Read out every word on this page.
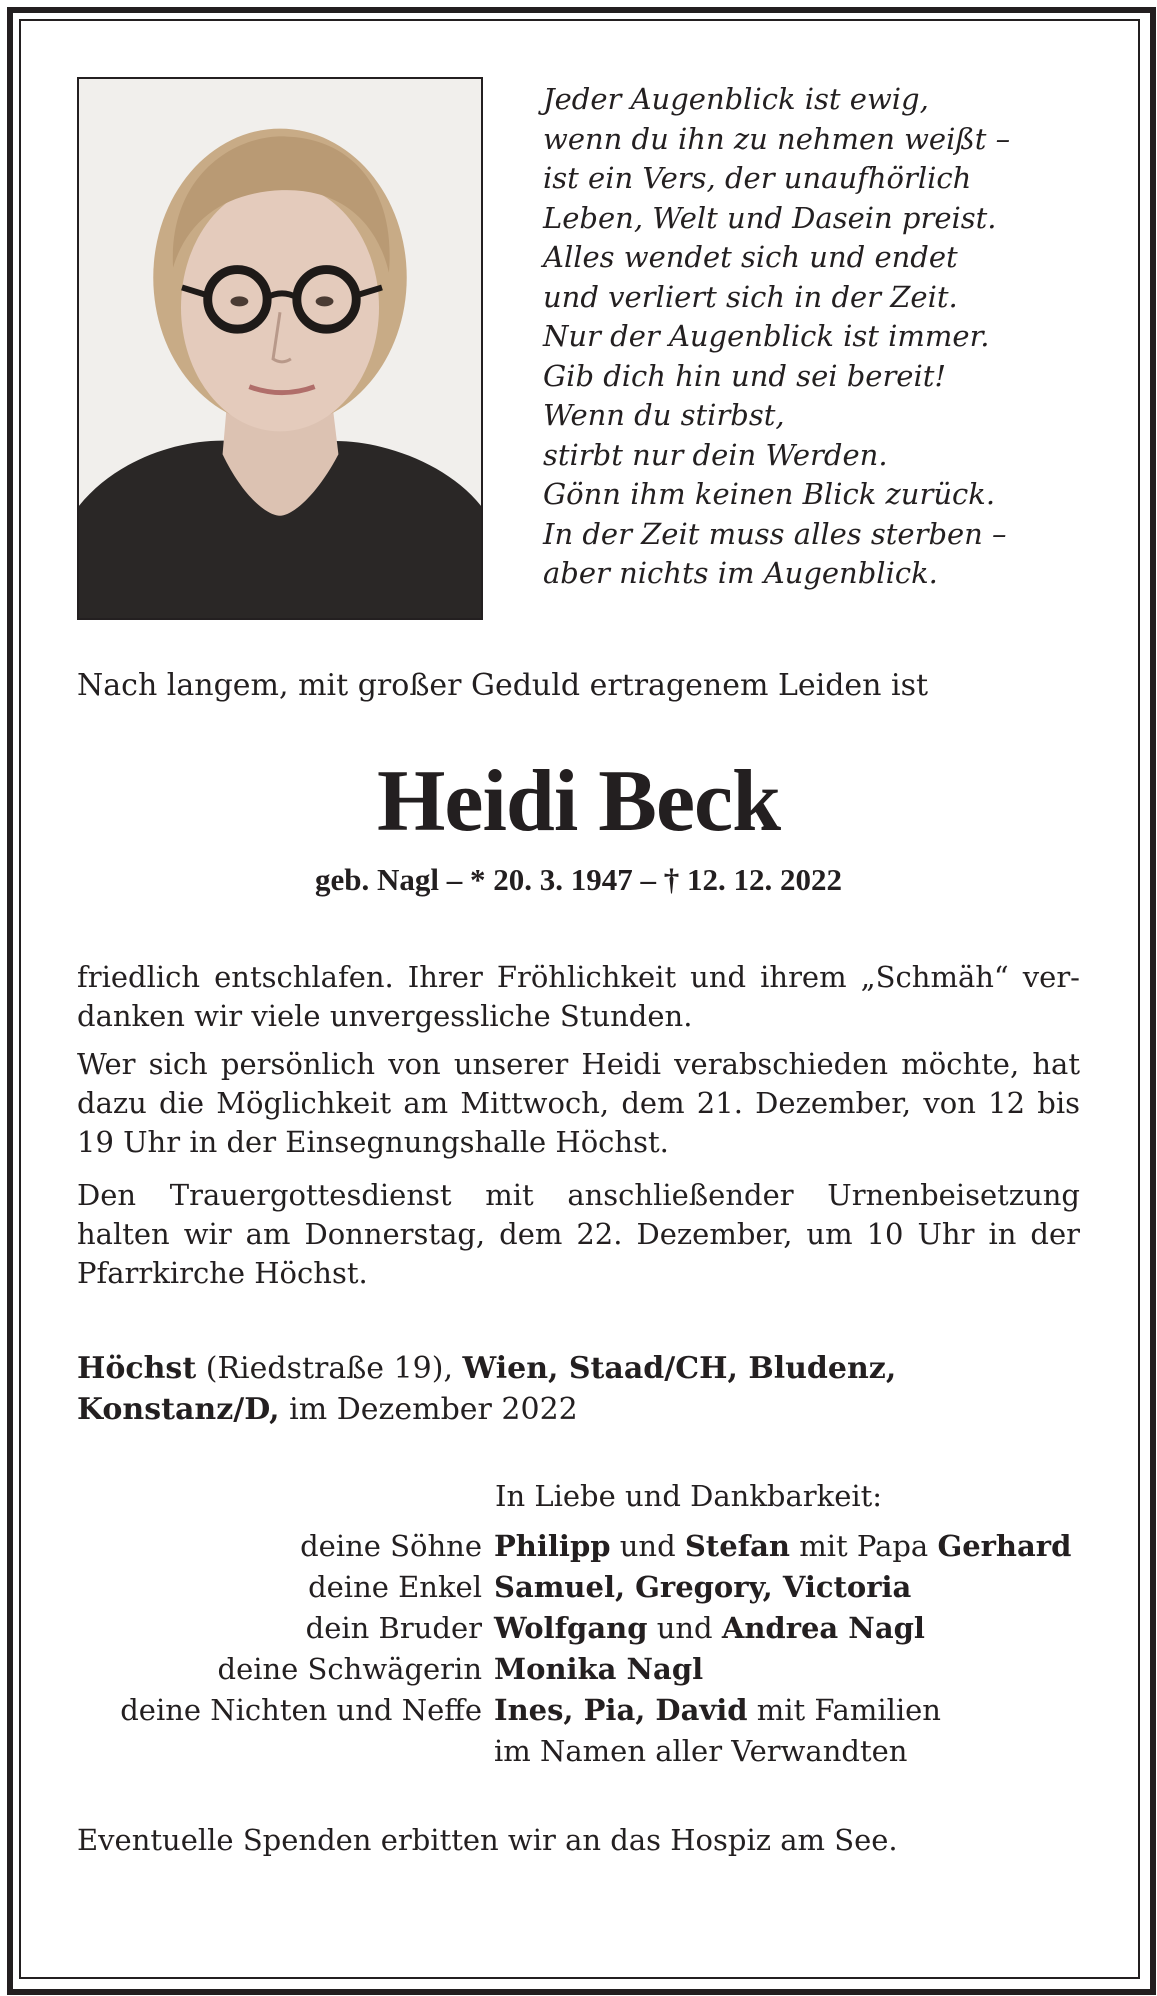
Jeder Augenblick ist ewig,
wenn du ihn zu nehmen weißt –
ist ein Vers, der unaufhörlich
Leben, Welt und Dasein preist.
Alles wendet sich und endet
und verliert sich in der Zeit.
Nur der Augenblick ist immer.
Gib dich hin und sei bereit!
Wenn du stirbst,
stirbt nur dein Werden.
Gönn ihm keinen Blick zurück.
In der Zeit muss alles sterben –
aber nichts im Augenblick.
Nach langem, mit großer Geduld ertragenem Leiden ist
Heidi Beck
geb. Nagl – * 20. 3. 1947 – † 12. 12. 2022
friedlich entschlafen. Ihrer Fröhlichkeit und ihrem „Schmäh“ ver-
danken wir viele unvergessliche Stunden.
Wer sich persönlich von unserer Heidi verabschieden möchte, hat
dazu die Möglichkeit am Mittwoch, dem 21. Dezember, von 12 bis
19 Uhr in der Einsegnungshalle Höchst.
Den Trauergottesdienst mit anschließender Urnenbeisetzung
halten wir am Donnerstag, dem 22. Dezember, um 10 Uhr in der
Pfarrkirche Höchst.
Höchst (Riedstraße 19), Wien, Staad/CH, Bludenz,
Konstanz/D, im Dezember 2022
In Liebe und Dankbarkeit:
deine Söhne Philipp und Stefan mit Papa Gerhard
deine Enkel Samuel, Gregory, Victoria
dein Bruder Wolfgang und Andrea Nagl
deine Schwägerin Monika Nagl
deine Nichten und Neffe Ines, Pia, David mit Familien
im Namen aller Verwandten
Eventuelle Spenden erbitten wir an das Hospiz am See.
